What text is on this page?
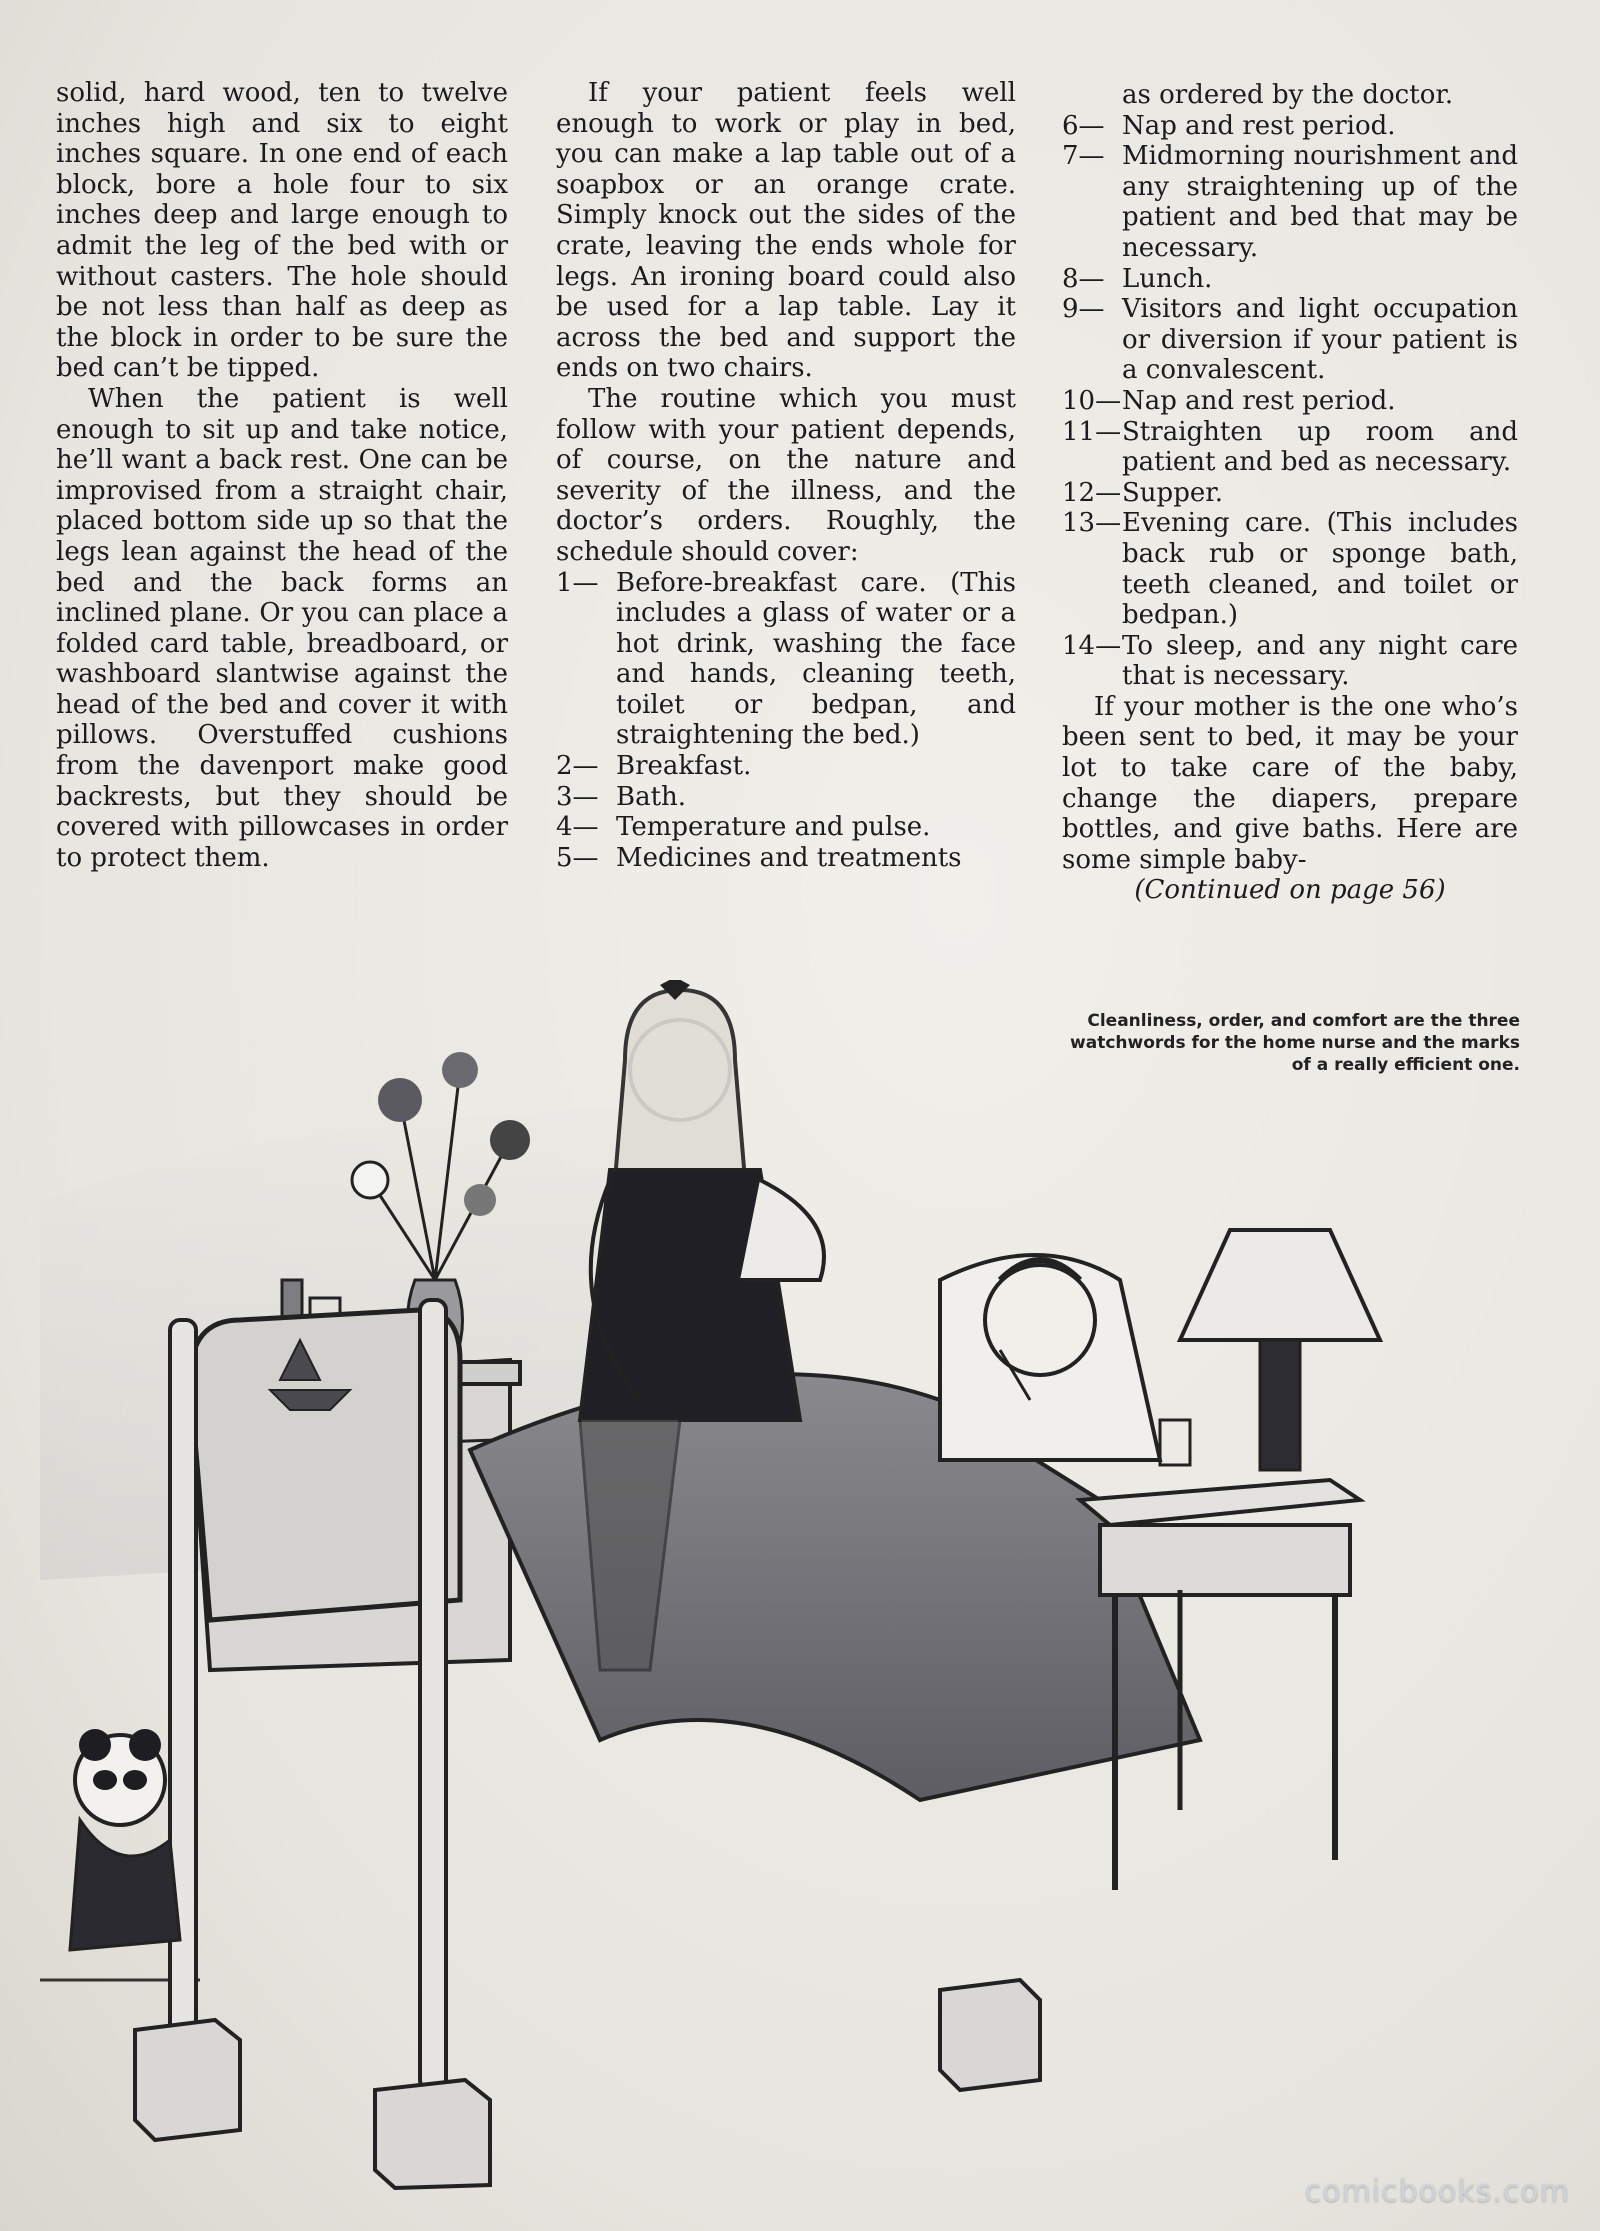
solid, hard wood, ten to twelve inches high and six to eight inches square. In one end of each block, bore a hole four to six inches deep and large enough to admit the leg of the bed with or without casters. The hole should be not less than half as deep as the block in order to be sure the bed can’t be tipped.

When the patient is well enough to sit up and take notice, he’ll want a back rest. One can be improvised from a straight chair, placed bottom side up so that the legs lean against the head of the bed and the back forms an inclined plane. Or you can place a folded card table, breadboard, or washboard slantwise against the head of the bed and cover it with pillows. Overstuffed cushions from the davenport make good backrests, but they should be covered with pillowcases in order to protect them.

If your patient feels well enough to work or play in bed, you can make a lap table out of a soapbox or an orange crate. Simply knock out the sides of the crate, leaving the ends whole for legs. An ironing board could also be used for a lap table. Lay it across the bed and support the ends on two chairs.

The routine which you must follow with your patient depends, of course, on the nature and severity of the illness, and the doctor’s orders. Roughly, the schedule should cover:

1— Before-breakfast care. (This includes a glass of water or a hot drink, washing the face and hands, cleaning teeth, toilet or bedpan, and straightening the bed.)
2— Breakfast.
3— Bath.
4— Temperature and pulse.
5— Medicines and treatments

as ordered by the doctor.

6— Nap and rest period.
7— Midmorning nourishment and any straightening up of the patient and bed that may be necessary.
8— Lunch.
9— Visitors and light occupation or diversion if your patient is a convalescent.
10— Nap and rest period.
11— Straighten up room and patient and bed as necessary.
12— Supper.
13— Evening care. (This includes back rub or sponge bath, teeth cleaned, and toilet or bedpan.)
14— To sleep, and any night care that is necessary.

If your mother is the one who’s been sent to bed, it may be your lot to take care of the baby, change the diapers, prepare bottles, and give baths. Here are some simple baby-

(Continued on page 56)

Cleanliness, order, and comfort are the three watchwords for the home nurse and the marks of a really efficient one.
comicbooks.com
